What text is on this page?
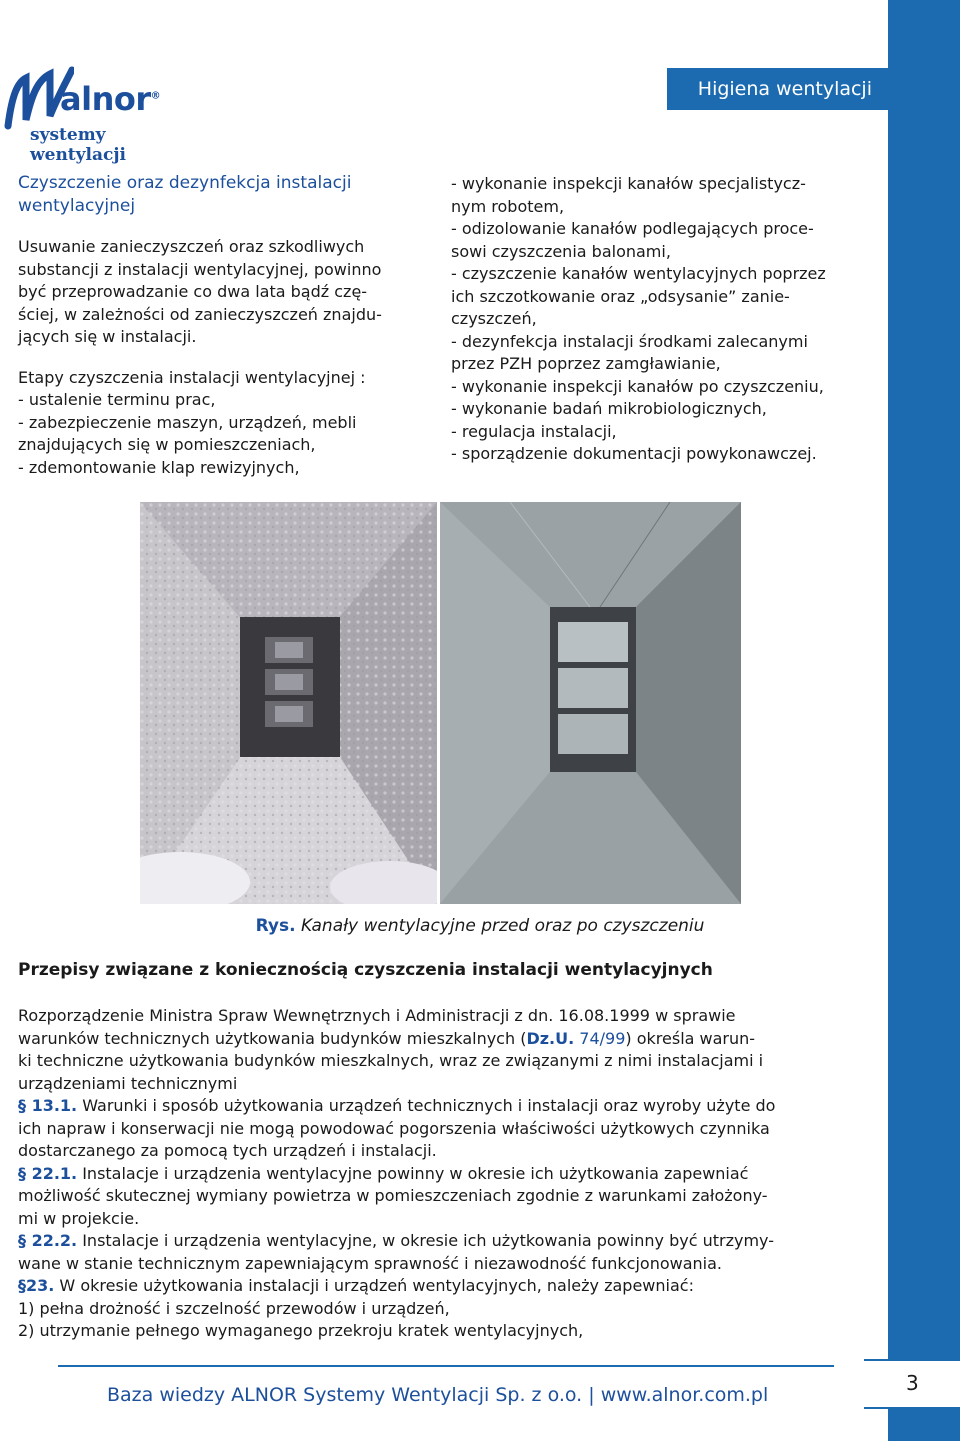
Higiena wentylacji
alnor®
systemy wentylacji
Czyszczenie oraz dezynfekcja instalacji
wentylacyjnej
Usuwanie zanieczyszczeń oraz szkodliwych
substancji z instalacji wentylacyjnej, powinno
być przeprowadzanie co dwa lata bądź czę-
ściej, w zależności od zanieczyszczeń znajdu-
jących się w instalacji.
Etapy czyszczenia instalacji wentylacyjnej :
- ustalenie terminu prac,
- zabezpieczenie maszyn, urządzeń, mebli
znajdujących się w pomieszczeniach,
- zdemontowanie klap rewizyjnych,
- wykonanie inspekcji kanałów specjalistycz-
nym robotem,
- odizolowanie kanałów podlegających proce-
sowi czyszczenia balonami,
- czyszczenie kanałów wentylacyjnych poprzez
ich szczotkowanie oraz „odsysanie” zanie-
czyszczeń,
- dezynfekcja instalacji środkami zalecanymi
przez PZH poprzez zamgławianie,
- wykonanie inspekcji kanałów po czyszczeniu,
- wykonanie badań mikrobiologicznych,
- regulacja instalacji,
- sporządzenie dokumentacji powykonawczej.
Rys. Kanały wentylacyjne przed oraz po czyszczeniu
Przepisy związane z koniecznością czyszczenia instalacji wentylacyjnych
Rozporządzenie Ministra Spraw Wewnętrznych i Administracji z dn. 16.08.1999 w sprawie
warunków technicznych użytkowania budynków mieszkalnych (Dz.U. 74/99) określa warun-
ki techniczne użytkowania budynków mieszkalnych, wraz ze związanymi z nimi instalacjami i
urządzeniami technicznymi
§ 13.1. Warunki i sposób użytkowania urządzeń technicznych i instalacji oraz wyroby użyte do
ich napraw i konserwacji nie mogą powodować pogorszenia właściwości użytkowych czynnika
dostarczanego za pomocą tych urządzeń i instalacji.
§ 22.1. Instalacje i urządzenia wentylacyjne powinny w okresie ich użytkowania zapewniać
możliwość skutecznej wymiany powietrza w pomieszczeniach zgodnie z warunkami założony-
mi w projekcie.
§ 22.2. Instalacje i urządzenia wentylacyjne, w okresie ich użytkowania powinny być utrzymy-
wane w stanie technicznym zapewniającym sprawność i niezawodność funkcjonowania.
§23. W okresie użytkowania instalacji i urządzeń wentylacyjnych, należy zapewniać:
1) pełna drożność i szczelność przewodów i urządzeń,
2) utrzymanie pełnego wymaganego przekroju kratek wentylacyjnych,
Baza wiedzy ALNOR Systemy Wentylacji Sp. z o.o. | www.alnor.com.pl	3
